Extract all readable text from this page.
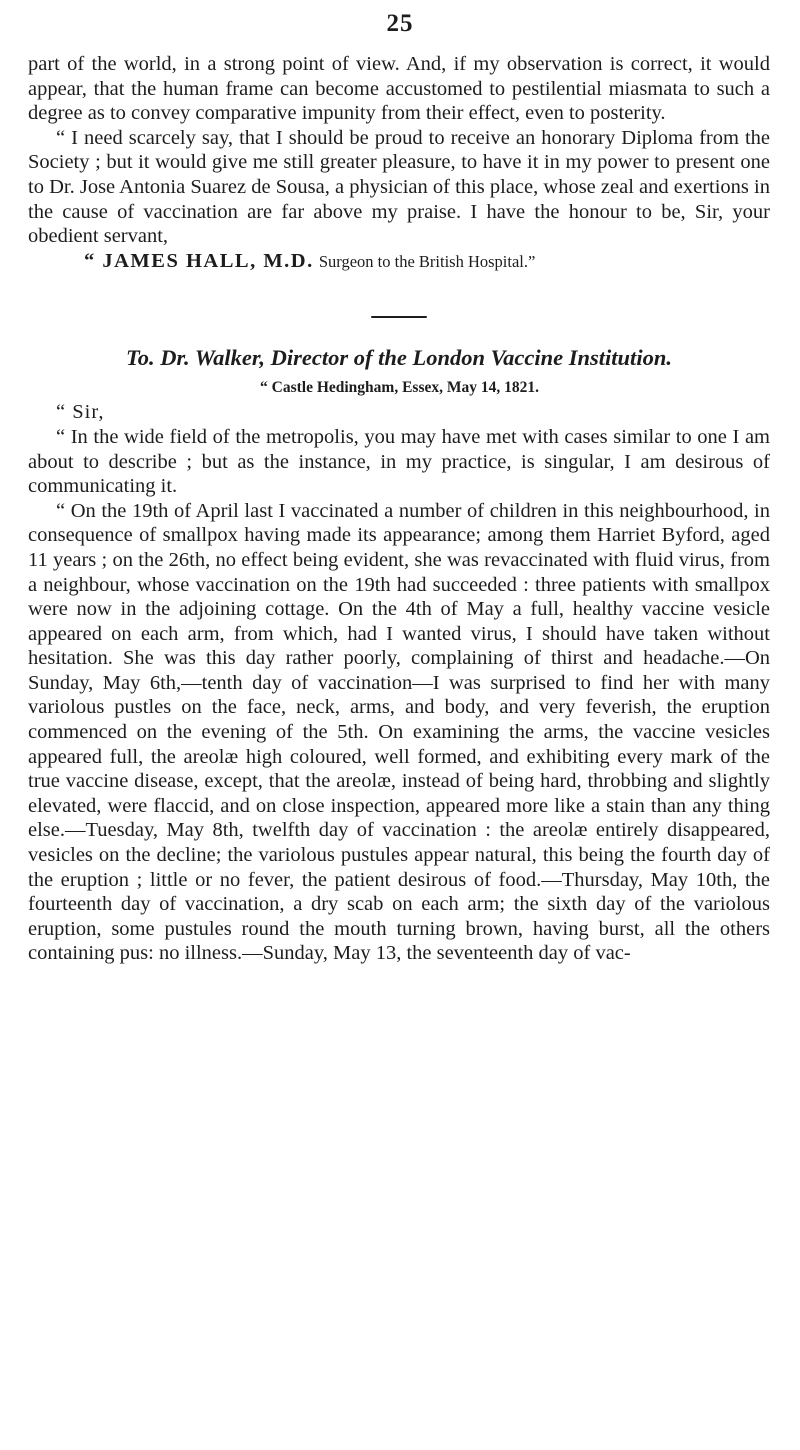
25

part of the world, in a strong point of view. And, if my observation is correct, it would appear, that the human frame can become accustomed to pestilential miasmata to such a degree as to convey comparative impunity from their effect, even to posterity.

“ I need scarcely say, that I should be proud to receive an honorary Diploma from the Society ; but it would give me still greater pleasure, to have it in my power to present one to Dr. Jose Antonia Suarez de Sousa, a physician of this place, whose zeal and exertions in the cause of vaccination are far above my praise. I have the honour to be, Sir, your obedient servant,

“ JAMES HALL, M.D. Surgeon to the British Hospital.”

To. Dr. Walker, Director of the London Vaccine Institution.

“ Castle Hedingham, Essex, May 14, 1821.

“ Sir,

“ In the wide field of the metropolis, you may have met with cases similar to one I am about to describe ; but as the instance, in my practice, is singular, I am desirous of communicating it.

“ On the 19th of April last I vaccinated a number of children in this neighbourhood, in consequence of smallpox having made its appearance; among them Harriet Byford, aged 11 years ; on the 26th, no effect being evident, she was revaccinated with fluid virus, from a neighbour, whose vaccination on the 19th had succeeded : three patients with smallpox were now in the adjoining cottage. On the 4th of May a full, healthy vaccine vesicle appeared on each arm, from which, had I wanted virus, I should have taken without hesitation. She was this day rather poorly, complaining of thirst and headache.—On Sunday, May 6th,—tenth day of vaccination—I was surprised to find her with many variolous pustles on the face, neck, arms, and body, and very feverish, the eruption commenced on the evening of the 5th. On examining the arms, the vaccine vesicles appeared full, the areolæ high coloured, well formed, and exhibiting every mark of the true vaccine disease, except, that the areolæ, instead of being hard, throbbing and slightly elevated, were flaccid, and on close inspection, appeared more like a stain than any thing else.—Tuesday, May 8th, twelfth day of vaccination : the areolæ entirely disappeared, vesicles on the decline; the variolous pustules appear natural, this being the fourth day of the eruption ; little or no fever, the patient desirous of food.—Thursday, May 10th, the fourteenth day of vaccination, a dry scab on each arm; the sixth day of the variolous eruption, some pustules round the mouth turning brown, having burst, all the others containing pus: no illness.—Sunday, May 13, the seventeenth day of vac-
